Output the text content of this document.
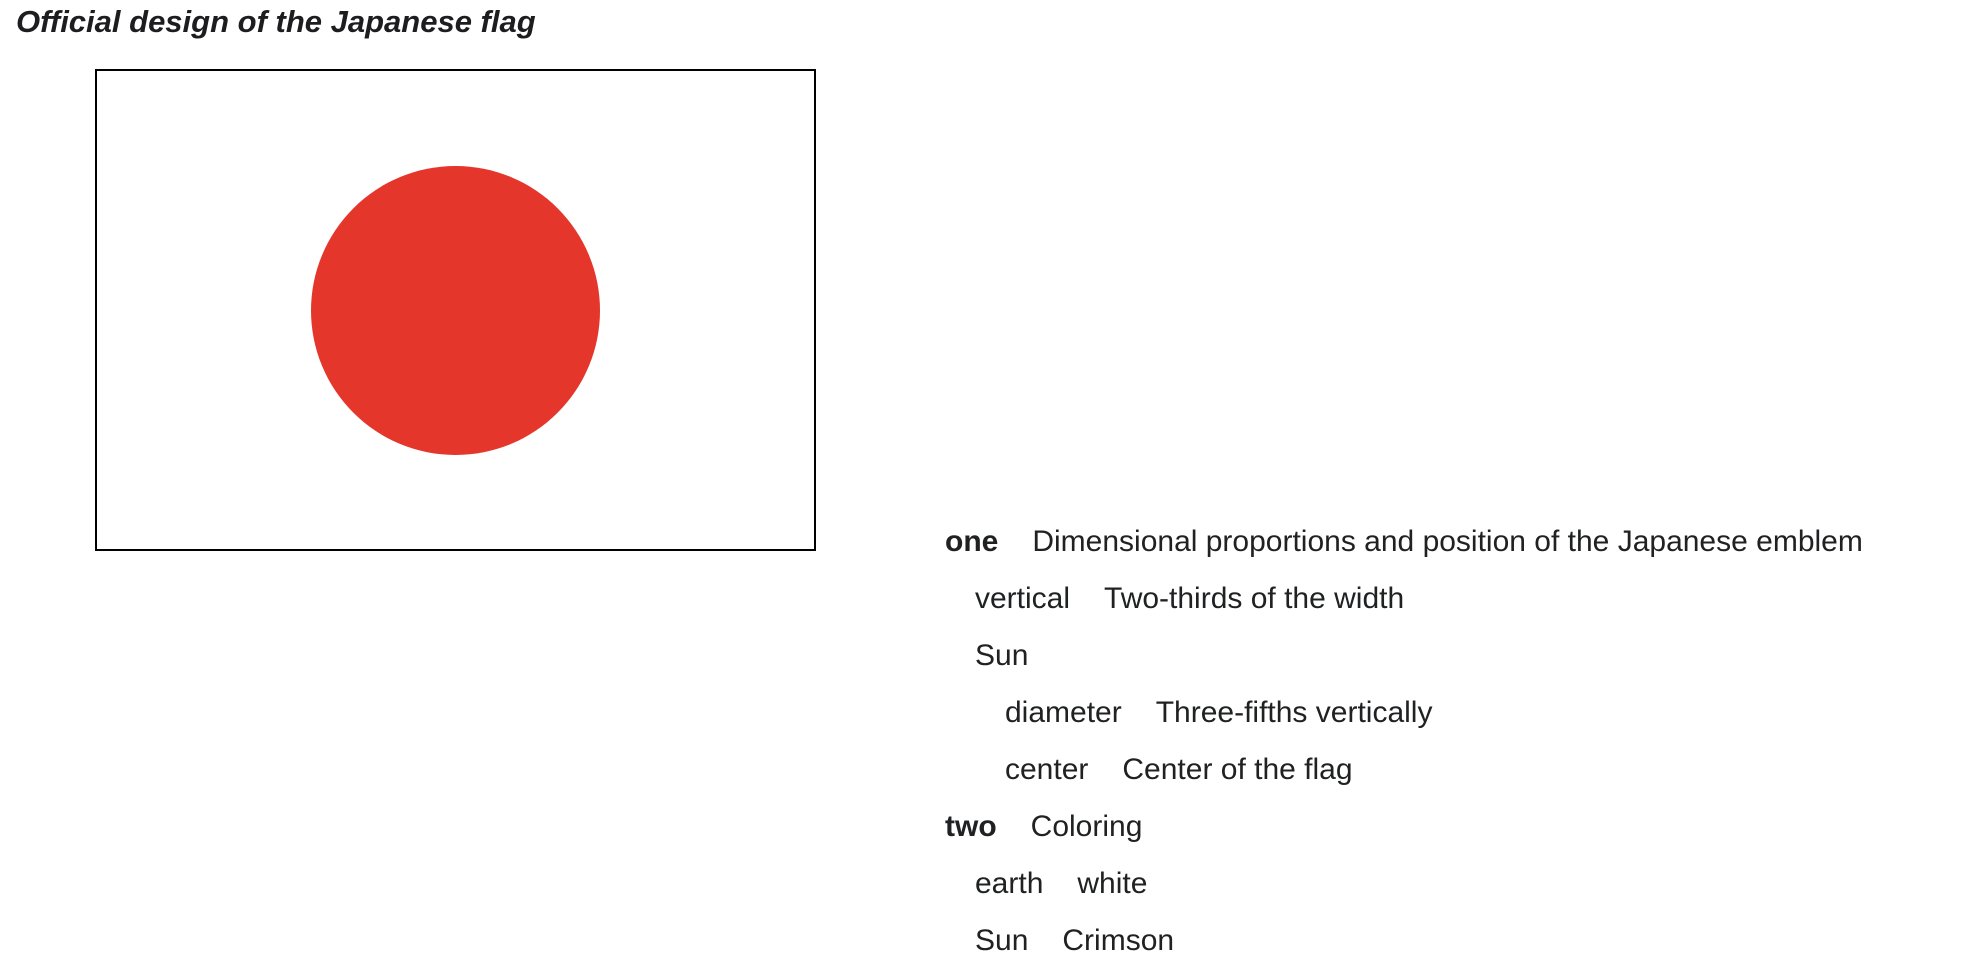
Official design of the Japanese flag
one Dimensional proportions and position of the Japanese emblem
vertical Two-thirds of the width
Sun
diameter Three-fifths vertically
center Center of the flag
two Coloring
earth white
Sun Crimson
